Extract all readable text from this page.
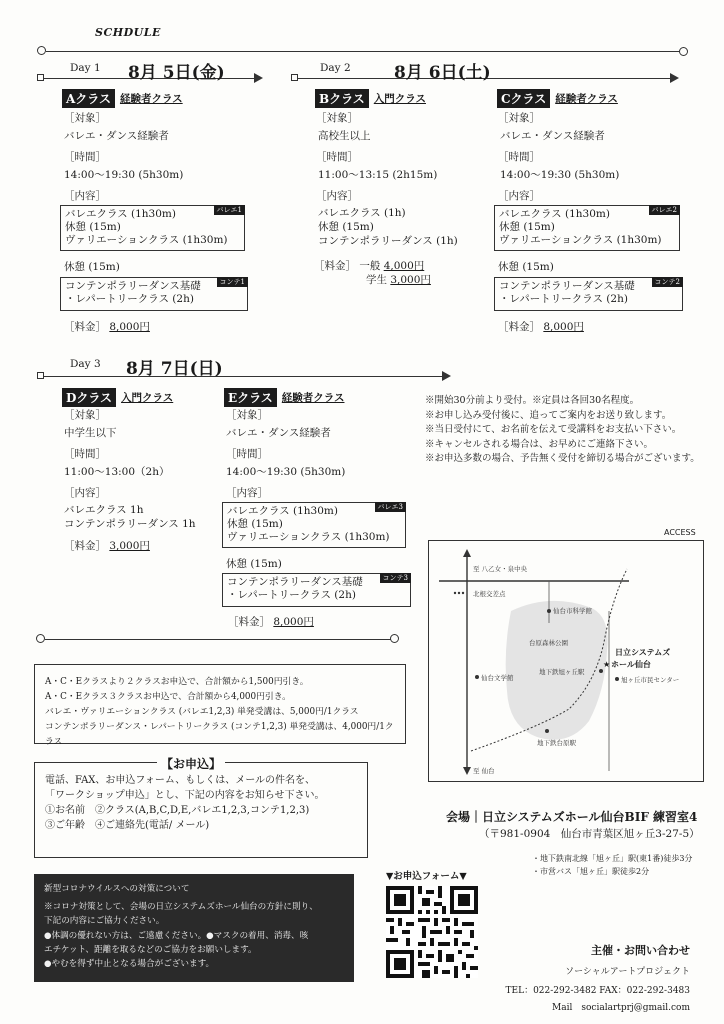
SCHDULE
Day 1 8月 5日(金)	Day 2	8月 6日(土)
Aクラス 経験者クラス
［対象］
バレエ・ダンス経験者
［時間］
14:00〜19:30 (5h30m)
［内容］
バレエ1
バレエクラス (1h30m)
休憩 (15m)
ヴァリエーションクラス (1h30m)
休憩 (15m)
コンテ1
コンテンポラリーダンス基礎
・レパートリークラス (2h)
［料金］ 8,000円
Bクラス 入門クラス
［対象］
高校生以上
［時間］
11:00〜13:15 (2h15m)
［内容］
バレエクラス (1h)
休憩 (15m)
コンテンポラリーダンス (1h)
［料金］ 一般 4,000円
学生 3,000円
Cクラス 経験者クラス
［対象］
バレエ・ダンス経験者
［時間］
14:00〜19:30 (5h30m)
［内容］
バレエ2
バレエクラス (1h30m)
休憩 (15m)
ヴァリエーションクラス (1h30m)
休憩 (15m)
コンテ2
コンテンポラリーダンス基礎
・レパートリークラス (2h)
［料金］ 8,000円
Day 3 8月 7日(日)
Dクラス 入門クラス
［対象］
中学生以下
［時間］
11:00〜13:00（2h）
［内容］
バレエクラス 1h
コンテンポラリーダンス 1h
［料金］ 3,000円
Eクラス 経験者クラス
［対象］
バレエ・ダンス経験者
［時間］
14:00〜19:30 (5h30m)
［内容］
バレエ3
バレエクラス (1h30m)
休憩 (15m)
ヴァリエーションクラス (1h30m)
休憩 (15m)
コンテ3
コンテンポラリーダンス基礎
・レパートリークラス (2h)
［料金］ 8,000円
※開始30分前より受付。※定員は各回30名程度。
※お申し込み受付後に、追ってご案内をお送り致します。
※当日受付にて、お名前を伝えて受講料をお支払い下さい。
※キャンセルされる場合は、お早めにご連絡下さい。
※お申込多数の場合、予告無く受付を締切る場合がございます。
ACCESS
至 八乙女・泉中央
至 仙台
北根交差点
仙台市科学館
台原森林公園
地下鉄旭ヶ丘駅
日立システムズ
ホール仙台
★
仙台文学館	旭ヶ丘市民センター
地下鉄台原駅
A・C・Eクラスより２クラスお申込で、合計額から1,500円引き。
A・C・Eクラス３クラスお申込で、合計額から4,000円引き。
バレエ・ヴァリエーションクラス (バレエ1,2,3) 単発受講は、5,000円/1クラス
コンテンポラリーダンス・レパートリークラス (コンテ1,2,3) 単発受講は、4,000円/1クラス
【お申込】
電話、FAX、お申込フォーム、もしくは、メールの件名を、
「ワークショップ申込」とし、下記の内容をお知らせ下さい。
①お名前　②クラス(A,B,C,D,E,バレエ1,2,3,コンテ1,2,3)
③ご年齢　④ご連絡先(電話/ メール)
会場｜日立システムズホール仙台BIF 練習室4
（〒981-0904　仙台市青葉区旭ヶ丘3-27-5）
・地下鉄南北線「旭ヶ丘」駅(東1番)徒歩3分
・市営バス「旭ヶ丘」駅徒歩2分
▼お申込フォーム▼
新型コロナウイルスへの対策について
※コロナ対策として、会場の日立システムズホール仙台の方針に則り、
下記の内容にご協力ください。
●体調の優れない方は、ご遠慮ください。●マスクの着用、消毒、咳
エチケット、距離を取るなどのご協力をお願いします。
●やむを得ず中止となる場合がございます。
主催・お問い合わせ
ソーシャルアートプロジェクト
TEL：022-292-3482 FAX：022-292-3483
Mail　socialartprj@gmail.com
